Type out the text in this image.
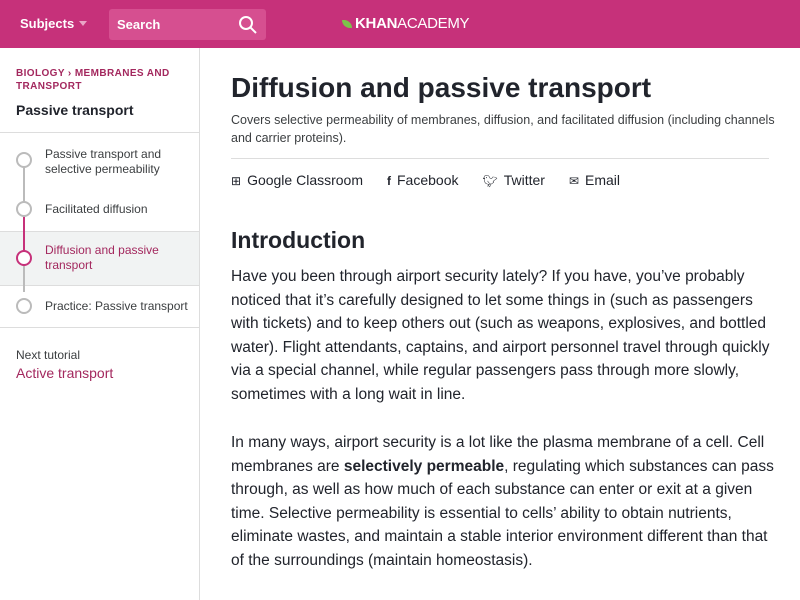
Subjects	Search	KHANACADEMY
BIOLOGY › MEMBRANES AND TRANSPORT
Passive transport
Passive transport and selective permeability
Facilitated diffusion
Diffusion and passive transport
Practice: Passive transport
Next tutorial
Active transport
Diffusion and passive transport
Covers selective permeability of membranes, diffusion, and facilitated diffusion (including channels and carrier proteins).
⊞ Google Classroom f Facebook 🐦︎ Twitter ✉ Email
Introduction

Have you been through airport security lately? If you have, you’ve probably noticed that it’s carefully designed to let some things in (such as passengers with tickets) and to keep others out (such as weapons, explosives, and bottled water). Flight attendants, captains, and airport personnel travel through quickly via a special channel, while regular passengers pass through more slowly, sometimes with a long wait in line.

In many ways, airport security is a lot like the plasma membrane of a cell. Cell membranes are selectively permeable, regulating which substances can pass through, as well as how much of each substance can enter or exit at a given time. Selective permeability is essential to cells’ ability to obtain nutrients, eliminate wastes, and maintain a stable interior environment different than that of the surroundings (maintain homeostasis).
